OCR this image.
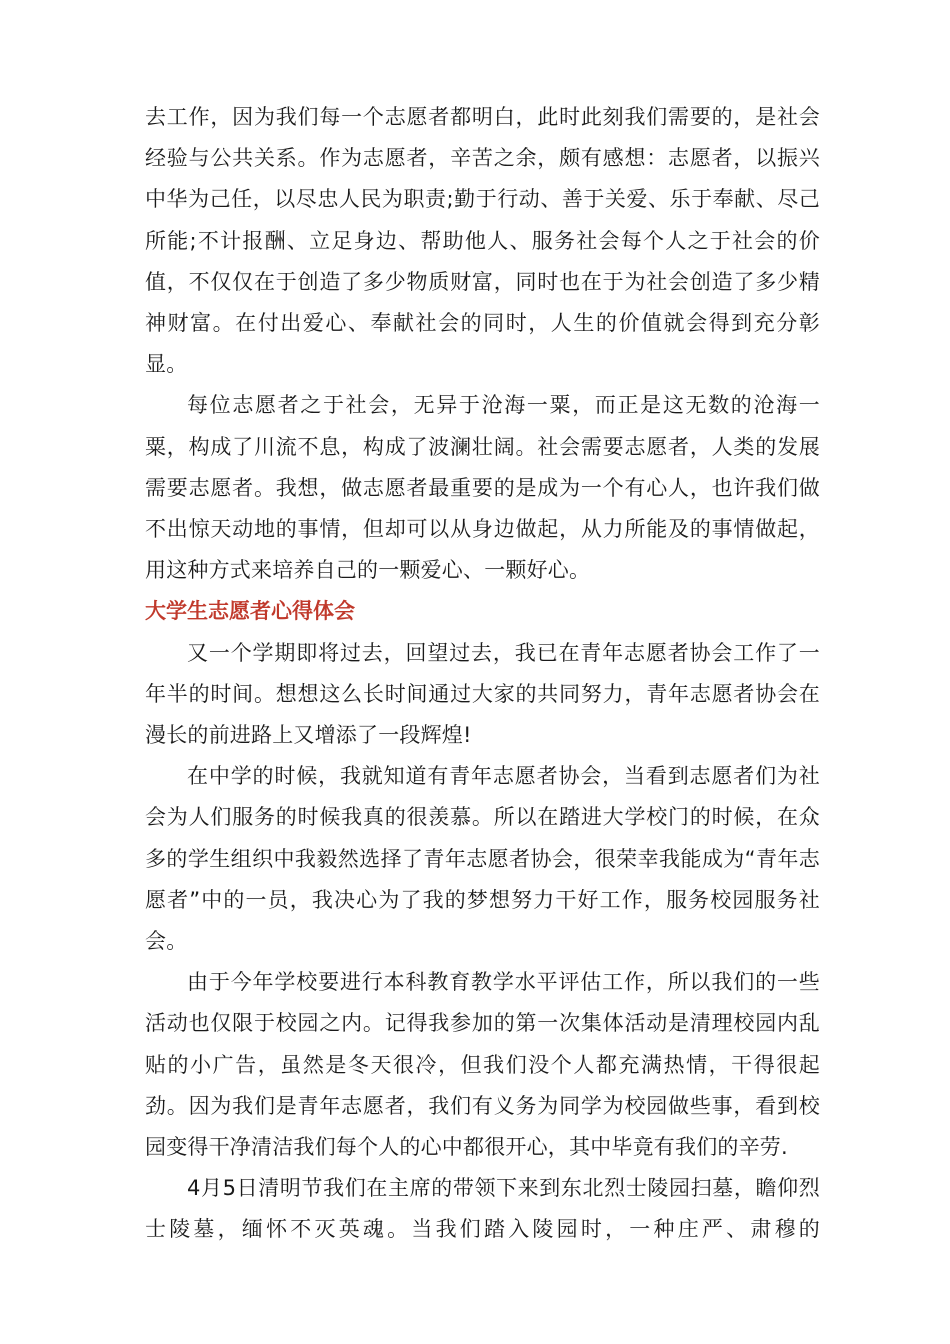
去工作，因为我们每一个志愿者都明白，此时此刻我们需要的，是社会经验与公共关系。作为志愿者，辛苦之余，颇有感想：志愿者，以振兴中华为己任，以尽忠人民为职责;勤于行动、善于关爱、乐于奉献、尽己所能;不计报酬、立足身边、帮助他人、服务社会每个人之于社会的价值，不仅仅在于创造了多少物质财富，同时也在于为社会创造了多少精神财富。在付出爱心、奉献社会的同时，人生的价值就会得到充分彰显。

每位志愿者之于社会，无异于沧海一粟，而正是这无数的沧海一粟，构成了川流不息，构成了波澜壮阔。社会需要志愿者，人类的发展需要志愿者。我想，做志愿者最重要的是成为一个有心人，也许我们做不出惊天动地的事情，但却可以从身边做起，从力所能及的事情做起，用这种方式来培养自己的一颗爱心、一颗好心。

大学生志愿者心得体会

又一个学期即将过去，回望过去，我已在青年志愿者协会工作了一年半的时间。想想这么长时间通过大家的共同努力，青年志愿者协会在漫长的前进路上又增添了一段辉煌!

在中学的时候，我就知道有青年志愿者协会，当看到志愿者们为社会为人们服务的时候我真的很羡慕。所以在踏进大学校门的时候，在众多的学生组织中我毅然选择了青年志愿者协会，很荣幸我能成为“青年志愿者”中的一员，我决心为了我的梦想努力干好工作，服务校园服务社会。

由于今年学校要进行本科教育教学水平评估工作，所以我们的一些活动也仅限于校园之内。记得我参加的第一次集体活动是清理校园内乱贴的小广告，虽然是冬天很冷，但我们没个人都充满热情，干得很起劲。因为我们是青年志愿者，我们有义务为同学为校园做些事，看到校园变得干净清洁我们每个人的心中都很开心，其中毕竟有我们的辛劳.

4月5日清明节我们在主席的带领下来到东北烈士陵园扫墓，瞻仰烈士陵墓，缅怀不灭英魂。当我们踏入陵园时，一种庄严、肃穆的
